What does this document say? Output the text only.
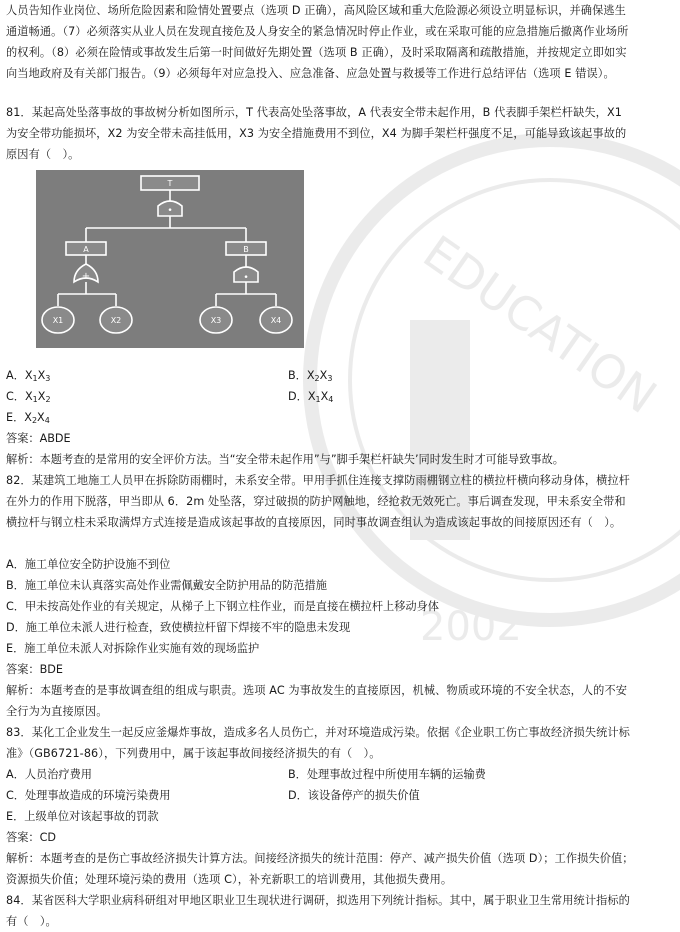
EDUCATION
2002
人员告知作业岗位、场所危险因素和险情处置要点（选项 D 正确），高风险区域和重大危险源必须设立明显标识，并确保逃生通道畅通。（7）必须落实从业人员在发现直接危及人身安全的紧急情况时停止作业，或在采取可能的应急措施后撤离作业场所的权利。（8）必须在险情或事故发生后第一时间做好先期处置（选项 B 正确），及时采取隔离和疏散措施，并按规定立即如实向当地政府及有关部门报告。（9）必须每年对应急投入、应急准备、应急处置与救援等工作进行总结评估（选项 E 错误）。
81．某起高处坠落事故的事故树分析如图所示，T 代表高处坠落事故，A 代表安全带未起作用，B 代表脚手架栏杆缺失，X1 为安全带功能损坏，X2 为安全带未高挂低用，X3 为安全措施费用不到位，X4 为脚手架栏杆强度不足，可能导致该起事故的原因有（　）。
T
•
A	B
+	•
X1	X2	X3	X4
A．$X_1X_3$	B．$X_2X_3$
C．$X_1X_2$	D．$X_1X_4$
E．$X_2X_4$
答案：ABDE
解析：本题考查的是常用的安全评价方法。当“安全带未起作用”与”脚手架栏杆缺失’同时发生时才可能导致事故。
82．某建筑工地施工人员甲在拆除防雨棚时，未系安全带。甲用手抓住连接支撑防雨棚钢立柱的横拉杆横向移动身体，横拉杆在外力的作用下脱落，甲当即从 6．2m 处坠落，穿过破损的防护网触地，经抢救无效死亡。事后调查发现，甲未系安全带和横拉杆与钢立柱未采取满焊方式连接是造成该起事故的直接原因，同时事故调查组认为造成该起事故的间接原因还有（　）。
A．施工单位安全防护设施不到位
B．施工单位未认真落实高处作业需佩戴安全防护用品的防范措施
C．甲未按高处作业的有关规定，从梯子上下钢立柱作业，而是直接在横拉杆上移动身体
D．施工单位未派人进行检查，致使横拉杆留下焊接不牢的隐患未发现
E．施工单位未派人对拆除作业实施有效的现场监护
答案：BDE
解析：本题考查的是事故调查组的组成与职责。选项 AC 为事故发生的直接原因，机械、物质或环境的不安全状态，人的不安全行为为直接原因。
83．某化工企业发生一起反应釜爆炸事故，造成多名人员伤亡，并对环境造成污染。依据《企业职工伤亡事故经济损失统计标准》（GB6721-86），下列费用中，属于该起事故间接经济损失的有（　）。
A．人员治疗费用	B．处理事故过程中所使用车辆的运输费
C．处理事故造成的环境污染费用	D．该设备停产的损失价值
E．上级单位对该起事故的罚款
答案：CD
解析：本题考查的是伤亡事故经济损失计算方法。间接经济损失的统计范围：停产、减产损失价值（选项 D）；工作损失价值；资源损失价值；处理环境污染的费用（选项 C），补充新职工的培训费用，其他损失费用。
84．某省医科大学职业病科研组对甲地区职业卫生现状进行调研，拟选用下列统计指标。其中，属于职业卫生常用统计指标的有（　）。
